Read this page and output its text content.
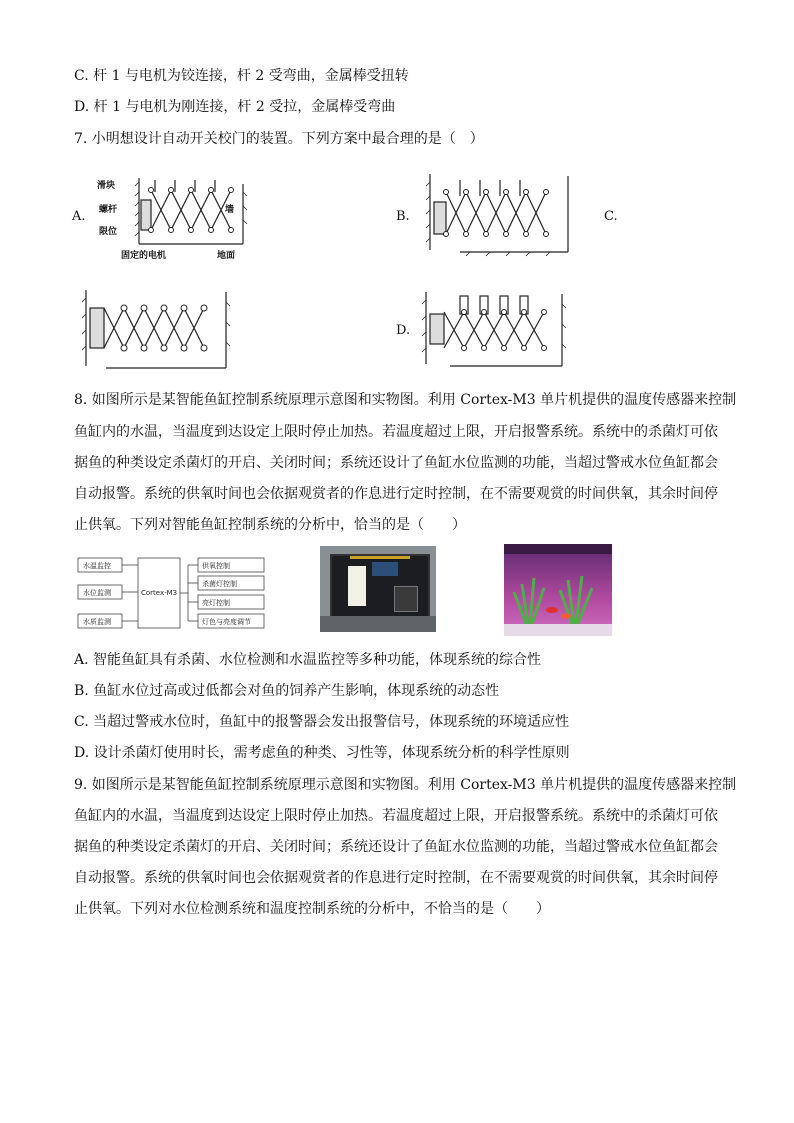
C. 杆 1 与电机为铰连接，杆 2 受弯曲，金属棒受扭转
D. 杆 1 与电机为刚连接，杆 2 受拉，金属棒受弯曲
7. 小明想设计自动开关校门的装置。下列方案中最合理的是（　）
A.	B.	C.
D.
滑块
螺杆
限位
墙
固定的电机	地面
8. 如图所示是某智能鱼缸控制系统原理示意图和实物图。利用 Cortex-M3 单片机提供的温度传感器来控制
鱼缸内的水温，当温度到达设定上限时停止加热。若温度超过上限，开启报警系统。系统中的杀菌灯可依
据鱼的种类设定杀菌灯的开启、关闭时间；系统还设计了鱼缸水位监测的功能，当超过警戒水位鱼缸都会
自动报警。系统的供氧时间也会依据观赏者的作息进行定时控制，在不需要观赏的时间供氧，其余时间停
止供氧。下列对智能鱼缸控制系统的分析中，恰当的是（　　）
水温监控
水位监测
水质监测
Cortex-M3
供氧控制
杀菌灯控制
亮灯控制
灯色与亮度调节
A. 智能鱼缸具有杀菌、水位检测和水温监控等多种功能，体现系统的综合性
B. 鱼缸水位过高或过低都会对鱼的饲养产生影响，体现系统的动态性
C. 当超过警戒水位时，鱼缸中的报警器会发出报警信号，体现系统的环境适应性
D. 设计杀菌灯使用时长，需考虑鱼的种类、习性等，体现系统分析的科学性原则
9. 如图所示是某智能鱼缸控制系统原理示意图和实物图。利用 Cortex-M3 单片机提供的温度传感器来控制
鱼缸内的水温，当温度到达设定上限时停止加热。若温度超过上限，开启报警系统。系统中的杀菌灯可依
据鱼的种类设定杀菌灯的开启、关闭时间；系统还设计了鱼缸水位监测的功能，当超过警戒水位鱼缸都会
自动报警。系统的供氧时间也会依据观赏者的作息进行定时控制，在不需要观赏的时间供氧，其余时间停
止供氧。下列对水位检测系统和温度控制系统的分析中，不恰当的是（　　）
